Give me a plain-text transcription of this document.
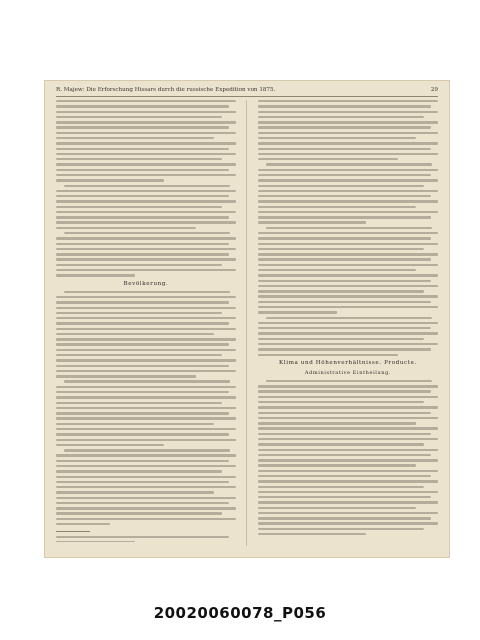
R. Majew: Die Erforschung Hissars durch die russische Expedition von 1875.	29
Bevölkerung.
Klima und Höhenverhältnisse. Producte.
Administrative Eintheilung.
20020060078_P056
